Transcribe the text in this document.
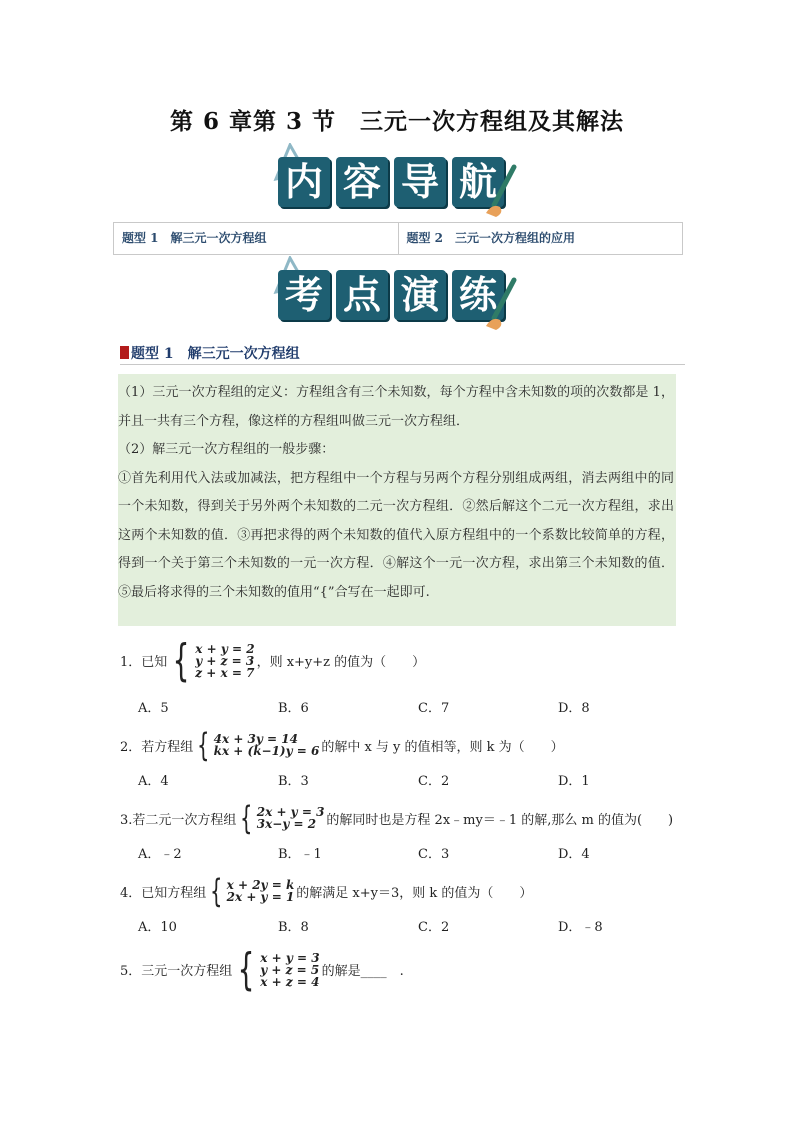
第 6 章第 3 节　三元一次方程组及其解法
内 容 导 航
题型 1　解三元一次方程组	题型 2　三元一次方程组的应用
考 点 演 练
题型 1　解三元一次方程组

（1）三元一次方程组的定义：方程组含有三个未知数，每个方程中含未知数的项的次数都是 1，并且一共有三个方程，像这样的方程组叫做三元一次方程组．

（2）解三元一次方程组的一般步骤：

①首先利用代入法或加减法，把方程组中一个方程与另两个方程分别组成两组，消去两组中的同一个未知数，得到关于另外两个未知数的二元一次方程组．②然后解这个二元一次方程组，求出这两个未知数的值．③再把求得的两个未知数的值代入原方程组中的一个系数比较简单的方程，得到一个关于第三个未知数的一元一次方程．④解这个一元一次方程，求出第三个未知数的值．⑤最后将求得的三个未知数的值用“{”合写在一起即可.

1．已知 { x + y = 2
y + z = 3
z + x = 7
，则 x+y+z 的值为（　　）
A．5	B．6	C．7	D．8
2．若方程组 { 4x + 3y = 14
kx + (k−1)y = 6 的解中 x 与 y 的值相等，则 k 为（　　）
A．4	B．3	C．2	D．1
3.若二元一次方程组 { 2x + y = 3
3x−y = 2 的解同时也是方程 2x﹣my＝﹣1 的解,那么 m 的值为(　　)
A．﹣2	B．﹣1	C．3	D．4
4．已知方程组 { x + 2y = k
2x + y = 1 的解满足 x+y＝3，则 k 的值为（　　）
A．10	B．8	C．2	D．﹣8
5．三元一次方程组 { x + y = 3
y + z = 5
x + z = 4
的解是____　.
